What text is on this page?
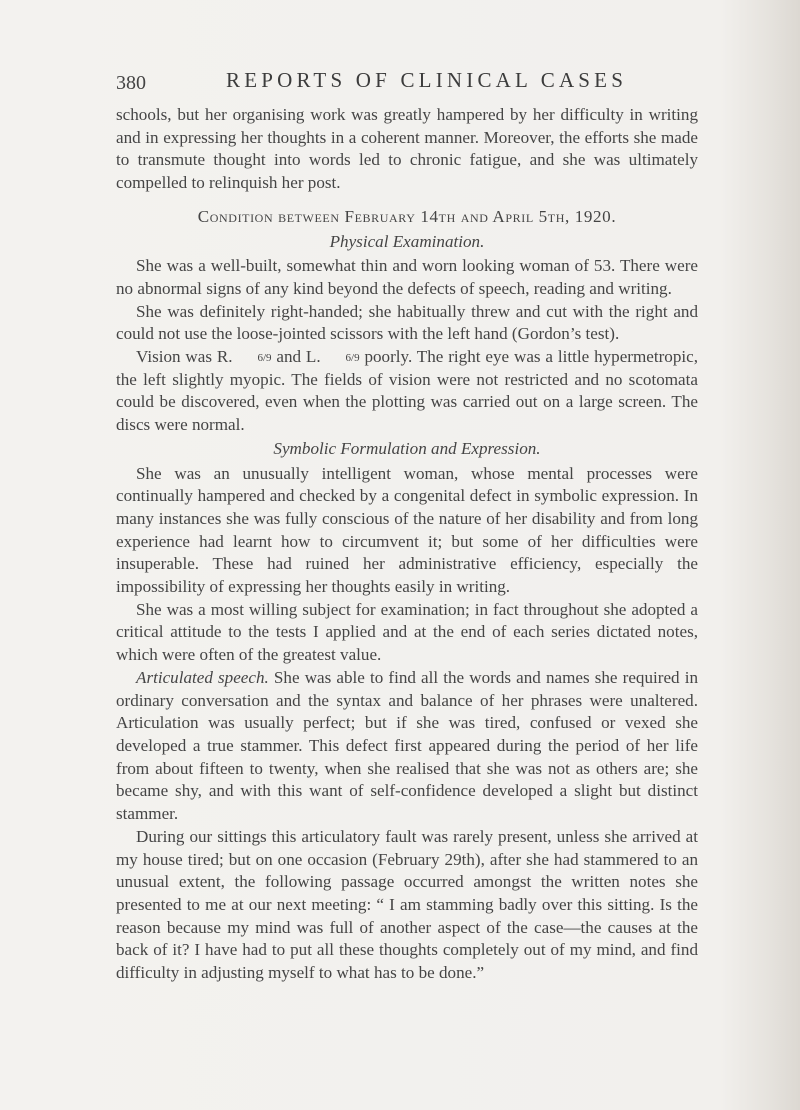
380	REPORTS OF CLINICAL CASES

schools, but her organising work was greatly hampered by her difficulty in writing and in expressing her thoughts in a coherent manner. Moreover, the efforts she made to transmute thought into words led to chronic fatigue, and she was ultimately compelled to relinquish her post.

Condition between February 14th and April 5th, 1920.
Physical Examination.

She was a well-built, somewhat thin and worn looking woman of 53. There were no abnormal signs of any kind beyond the defects of speech, reading and writing.

She was definitely right-handed; she habitually threw and cut with the right and could not use the loose-jointed scissors with the left hand (Gordon’s test).

Vision was R. 6/9 and L. 6/9 poorly. The right eye was a little hypermetropic, the left slightly myopic. The fields of vision were not restricted and no scotomata could be discovered, even when the plotting was carried out on a large screen. The discs were normal.

Symbolic Formulation and Expression.

She was an unusually intelligent woman, whose mental processes were continually hampered and checked by a congenital defect in symbolic expression. In many instances she was fully conscious of the nature of her disability and from long experience had learnt how to circumvent it; but some of her difficulties were insuperable. These had ruined her administrative efficiency, especially the impossibility of expressing her thoughts easily in writing.

She was a most willing subject for examination; in fact throughout she adopted a critical attitude to the tests I applied and at the end of each series dictated notes, which were often of the greatest value.

Articulated speech. She was able to find all the words and names she required in ordinary conversation and the syntax and balance of her phrases were unaltered. Articulation was usually perfect; but if she was tired, confused or vexed she developed a true stammer. This defect first appeared during the period of her life from about fifteen to twenty, when she realised that she was not as others are; she became shy, and with this want of self-confidence developed a slight but distinct stammer.

During our sittings this articulatory fault was rarely present, unless she arrived at my house tired; but on one occasion (February 29th), after she had stammered to an unusual extent, the following passage occurred amongst the written notes she presented to me at our next meeting: “ I am stamming badly over this sitting. Is the reason because my mind was full of another aspect of the case—the causes at the back of it? I have had to put all these thoughts completely out of my mind, and find difficulty in adjusting myself to what has to be done.”
